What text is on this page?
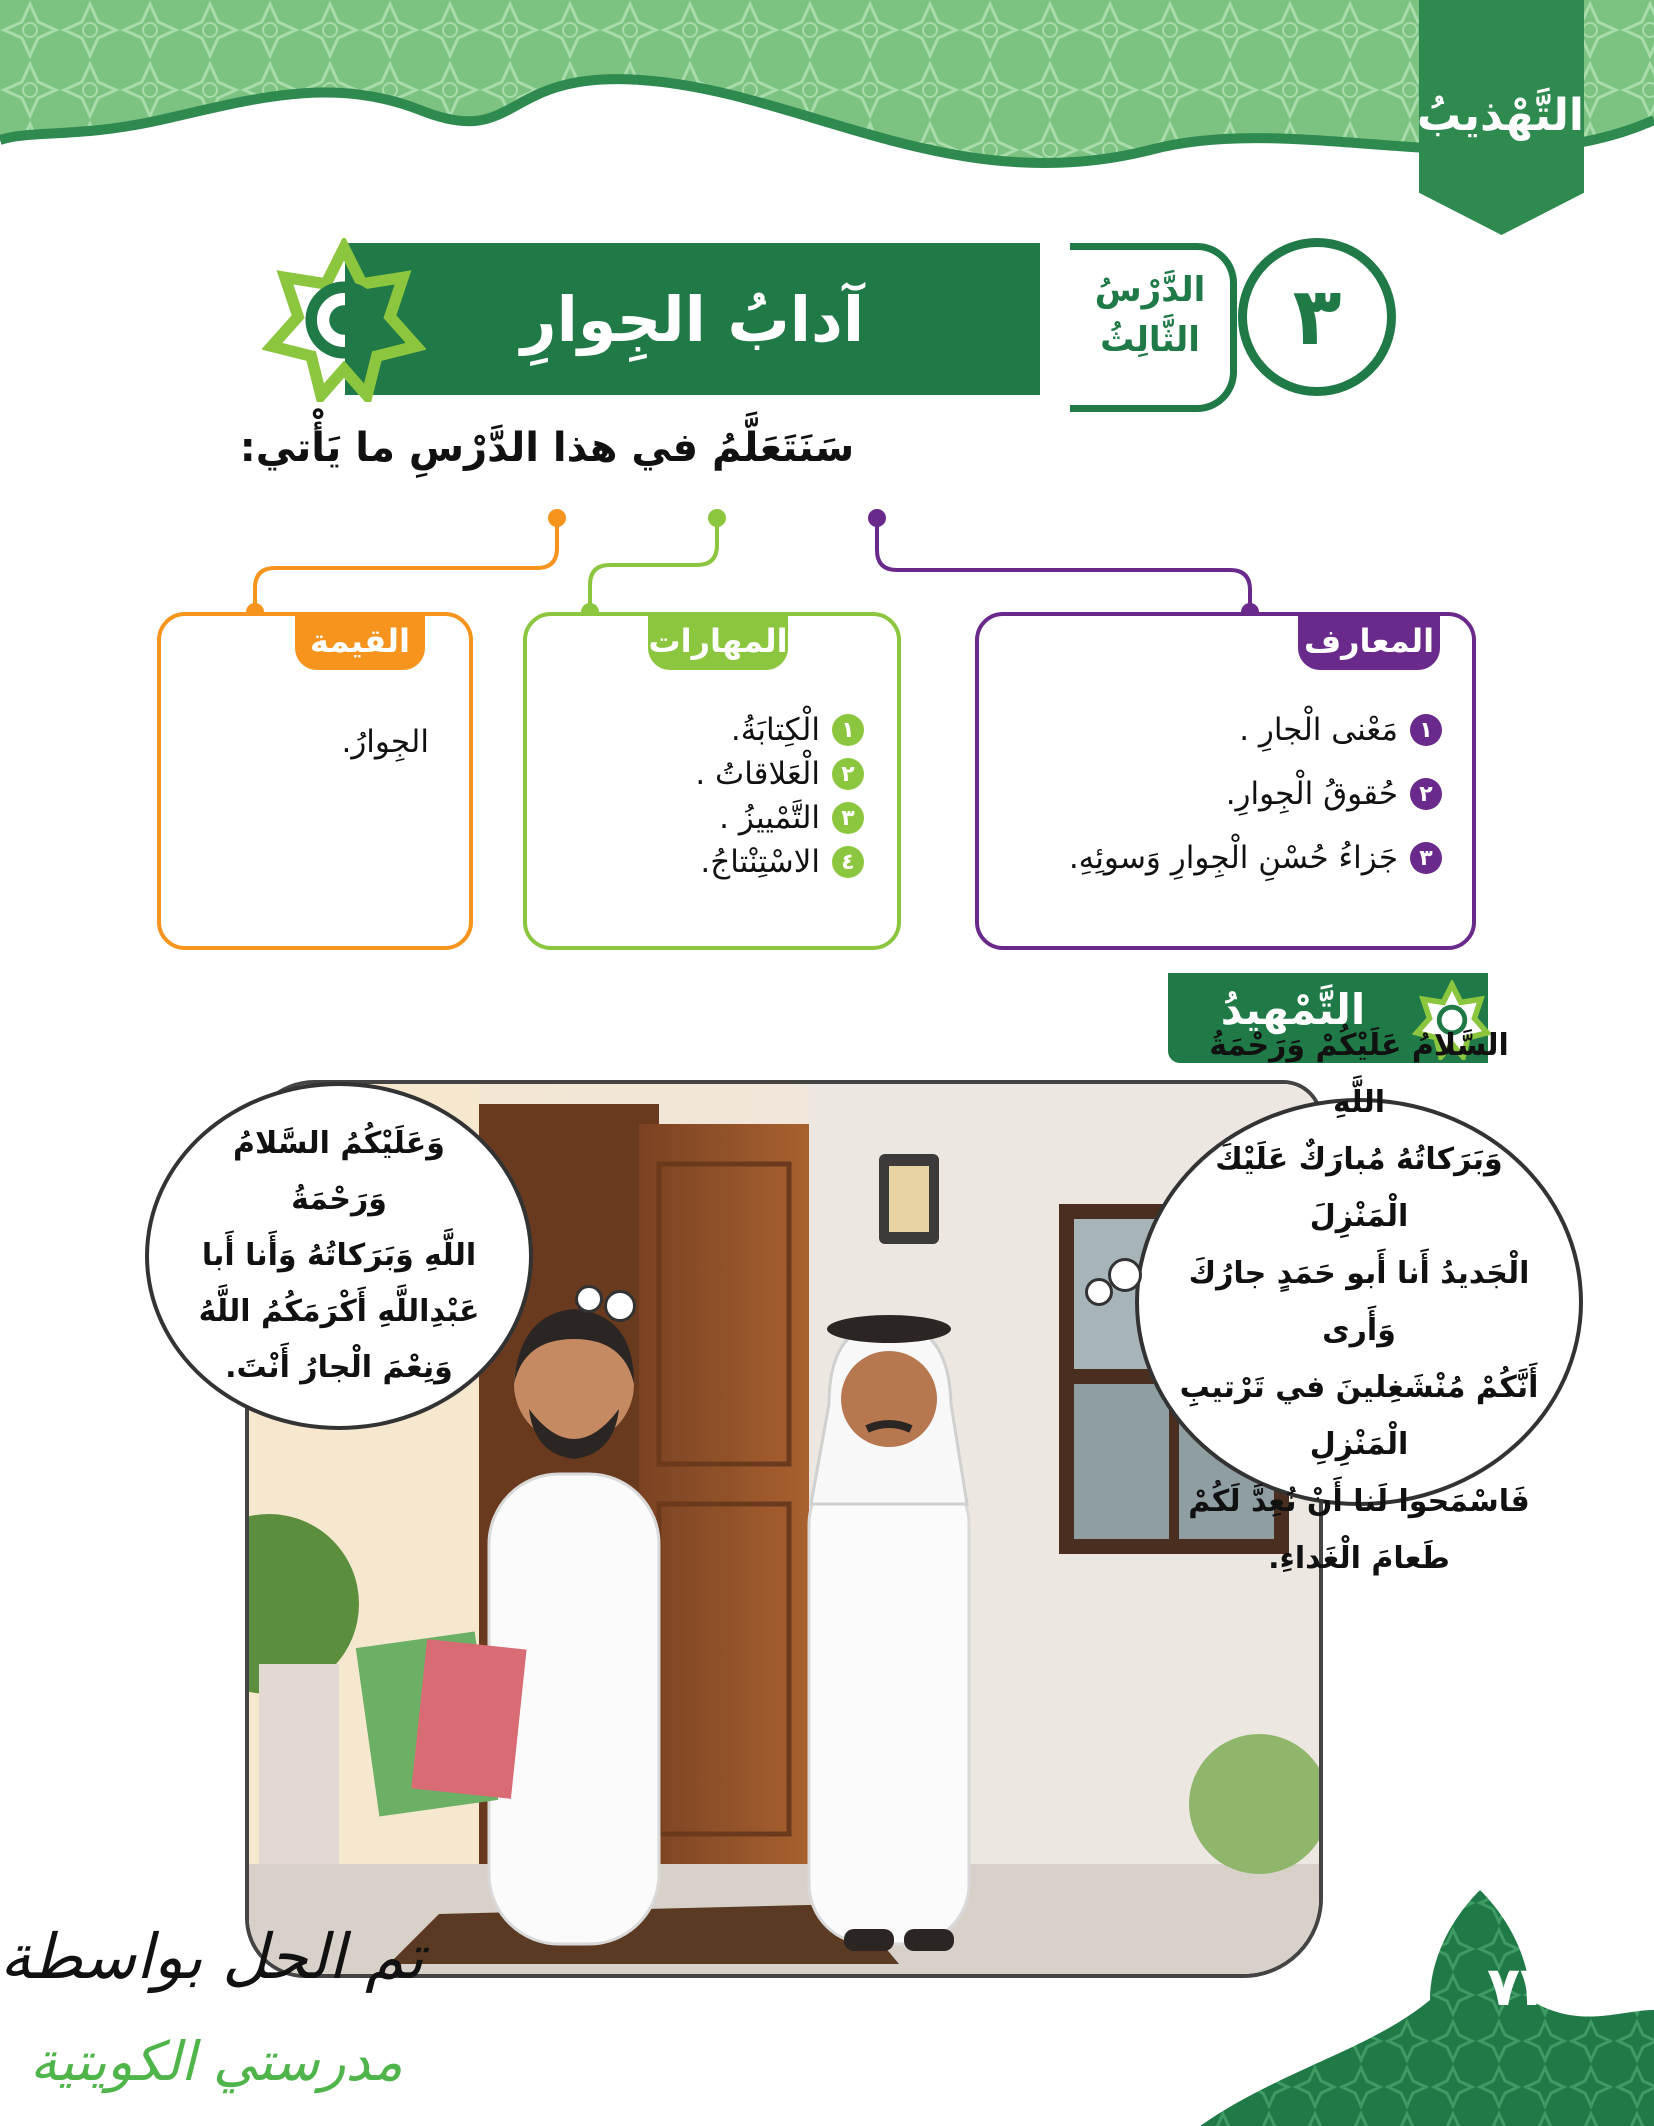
التَّهْذيبُ
الدَّرْسُ
الثَّالِثُ	٣
آدابُ الجِوارِ
سَنَتَعَلَّمُ في هذا الدَّرْسِ ما يَأْتي:
المعارف
١
مَعْنى الْجارِ .
٢
حُقوقُ الْجِوارِ.
٣
جَزاءُ حُسْنِ الْجِوارِ وَسوئِهِ.
المهارات
١
الْكِتابَةُ.
٢
الْعَلاقاتُ .
٣
التَّمْييزُ .
٤
الاسْتِنْتاجُ.
القيمة
الجِوارُ.
التَّمْهيدُ
السَّلامُ عَلَيْكُمْ وَرَحْمَةُ اللَّهِ
وَبَرَكاتُهُ مُبارَكٌ عَلَيْكَ الْمَنْزِلَ
الْجَديدُ أَنا أَبو حَمَدٍ جارُكَ وَأَرى
أَنَّكُمْ مُنْشَغِلينَ في تَرْتيبِ الْمَنْزِلِ
فَاسْمَحوا لَنا أَنْ نُعِدَّ لَكُمْ
طَعامَ الْغَداءِ.
وَعَلَيْكُمُ السَّلامُ وَرَحْمَةُ
اللَّهِ وَبَرَكاتُهُ وَأَنا أَبا
عَبْدِاللَّهِ أَكْرَمَكُمُ اللَّهُ
وَنِعْمَ الْجارُ أَنْتَ.
٧٢
تم الحل بواسطة
مدرستي الكويتية
